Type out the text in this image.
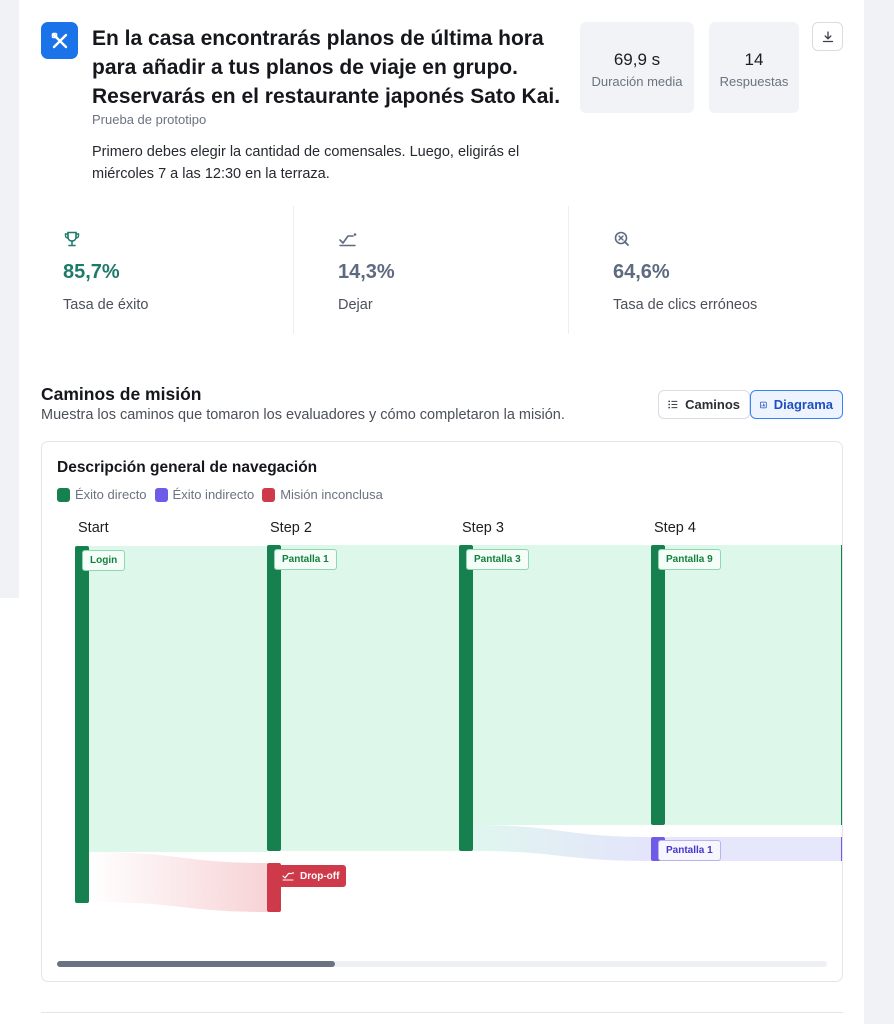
En la casa encontrarás planos de última hora para añadir a tus planos de viaje en grupo. Reservarás en el restaurante japonés Sato Kai.
Prueba de prototipo
Primero debes elegir la cantidad de comensales. Luego, eligirás el miércoles 7 a las 12:30 en la terraza.
69,9 s
Duración media
14
Respuestas
85,7%
Tasa de éxito
14,3%
Dejar
64,6%
Tasa de clics erróneos
Caminos de misión
Muestra los caminos que tomaron los evaluadores y cómo completaron la misión.
Caminos	Diagrama
Descripción general de navegación
Éxito directo Éxito indirecto Misión inconclusa
Start	Step 2	Step 3	Step 4
Login	Pantalla 1	Pantalla 3	Pantalla 9
Pantalla 1
Drop-off
